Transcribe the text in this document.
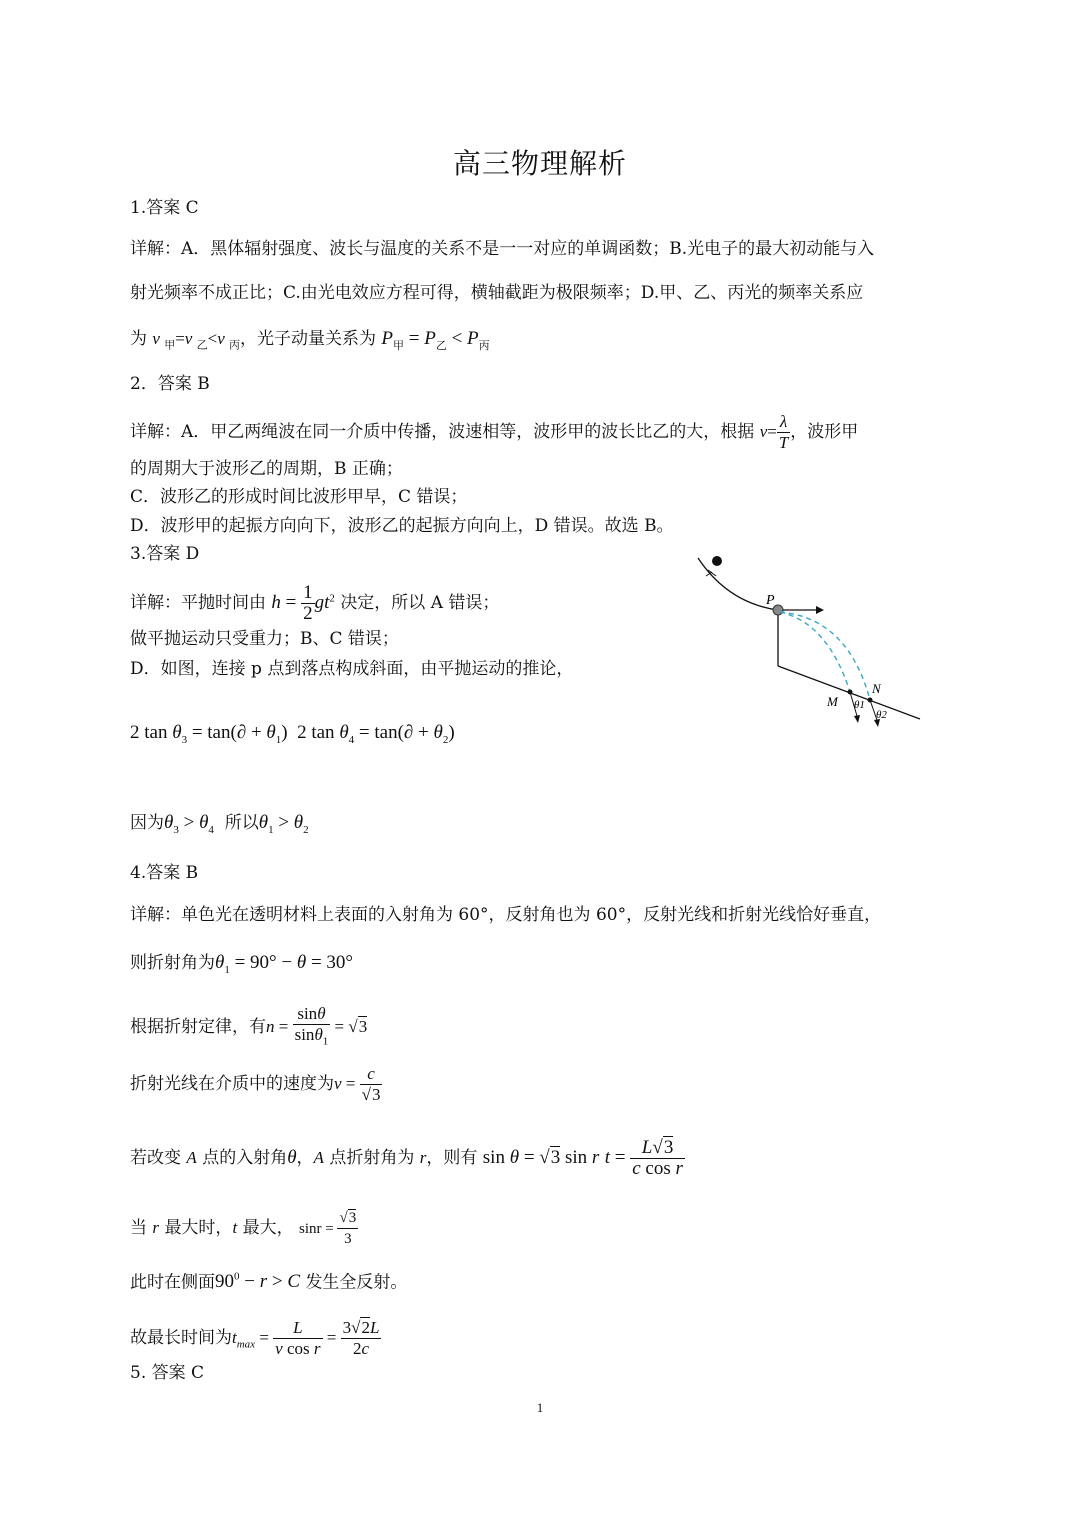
高三物理解析
1.答案 C
详解：A．黑体辐射强度、波长与温度的关系不是一一对应的单调函数；B.光电子的最大初动能与入
射光频率不成正比；C.由光电效应方程可得，横轴截距为极限频率；D.甲、乙、丙光的频率关系应
为 v $_甲$=v $_乙$<v $_丙$，光子动量关系为 $P_甲 = P_乙 < P_丙$
2．答案 B
详解：A．甲乙两绳波在同一介质中传播，波速相等，波形甲的波长比乙的大，根据 $v= \frac{\lambda}{T}$ ，波形甲
的周期大于波形乙的周期，B 正确；
C．波形乙的形成时间比波形甲早，C 错误；
D．波形甲的起振方向向下，波形乙的起振方向向上，D 错误。故选 B。
3.答案 D
详解：平抛时间由 $h = \frac{1}{2} gt^2$ 决定，所以 A 错误；
做平抛运动只受重力；B、C 错误；
D．如图，连接 p 点到落点构成斜面，由平抛运动的推论，
2 $\tan \theta_3 = \tan(\partial + \theta_1)$  2 $\tan \theta_4 = \tan(\partial + \theta_2)$
因为$\theta_3 > \theta_4$ 所以$\theta_1 > \theta_2$
P
M
N
θ1
θ2
4.答案 B
详解：单色光在透明材料上表面的入射角为 60°，反射角也为 60°，反射光线和折射光线恰好垂直，
则折射角为$\theta_1 = 90^\circ - \theta = 30^\circ$
根据折射定律，有$n = \frac{\sin\theta}{\sin\theta_1} = √3$
折射光线在介质中的速度为$v = \frac{c}{√3}$
若改变 A 点的入射角θ，A 点折射角为 r，则有 sin θ = √3 sin r $t = \frac{L√3}{\text{c cos r}}$
当 r 最大时，t 最大， $\sin r = \frac{√3}{3}$
此时在侧面$90^0 - r > C$ 发生全反射。
故最长时间为$t_{max} = \frac{L}{\text{v cos r}} = \frac{3√2L}{2c}$
5. 答案 C
1
